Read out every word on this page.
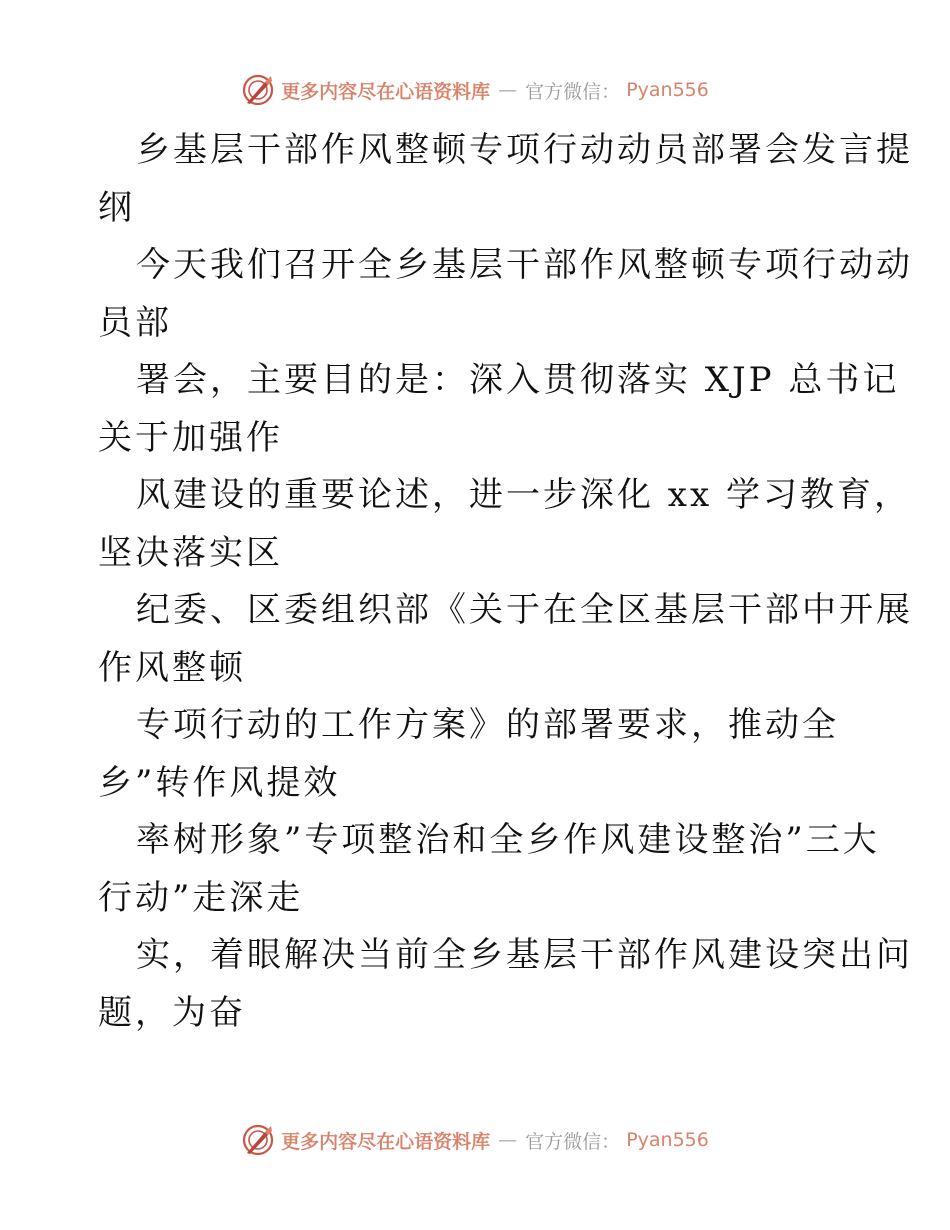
更多内容尽在心语资料库 — 官方微信： Pyan556
乡基层干部作风整顿专项行动动员部署会发言提
纲
今天我们召开全乡基层干部作风整顿专项行动动
员部
署会，主要目的是：深入贯彻落实 XJP 总书记
关于加强作
风建设的重要论述，进一步深化 xx 学习教育，
坚决落实区
纪委、区委组织部《关于在全区基层干部中开展
作风整顿
专项行动的工作方案》的部署要求，推动全
乡”转作风提效
率树形象”专项整治和全乡作风建设整治”三大
行动”走深走
实，着眼解决当前全乡基层干部作风建设突出问
题，为奋
更多内容尽在心语资料库 — 官方微信： Pyan556
